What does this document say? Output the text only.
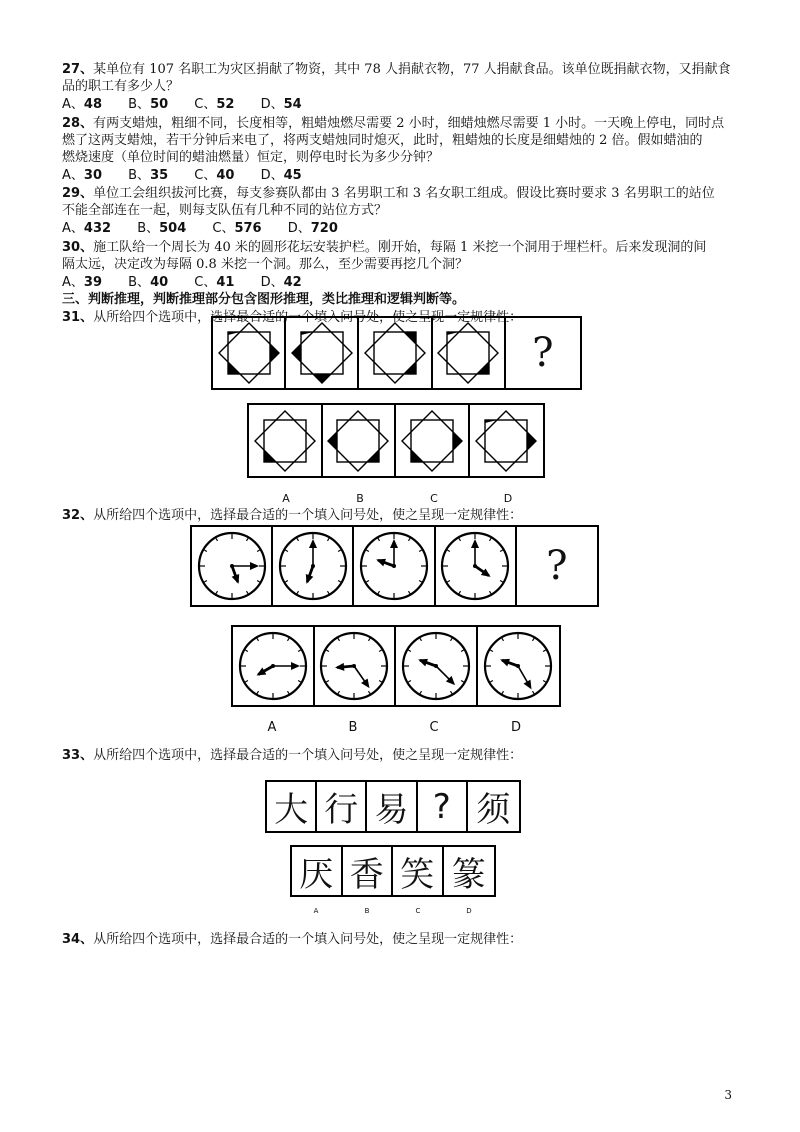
27、某单位有 107 名职工为灾区捐献了物资，其中 78 人捐献衣物，77 人捐献食品。该单位既捐献衣物，又捐献食
品的职工有多少人？
A、48 B、50 C、52 D、54
28、有两支蜡烛，粗细不同，长度相等，粗蜡烛燃尽需要 2 小时，细蜡烛燃尽需要 1 小时。一天晚上停电，同时点
燃了这两支蜡烛，若干分钟后来电了，将两支蜡烛同时熄灭，此时，粗蜡烛的长度是细蜡烛的 2 倍。假如蜡油的
燃烧速度（单位时间的蜡油燃量）恒定，则停电时长为多少分钟？
A、30 B、35 C、40 D、45
29、单位工会组织拔河比赛，每支参赛队都由 3 名男职工和 3 名女职工组成。假设比赛时要求 3 名男职工的站位
不能全部连在一起，则每支队伍有几种不同的站位方式？
A、432 B、504 C、576 D、720
30、施工队给一个周长为 40 米的圆形花坛安装护栏。刚开始，每隔 1 米挖一个洞用于埋栏杆。后来发现洞的间
隔太远，决定改为每隔 0.8 米挖一个洞。那么，至少需要再挖几个洞？
A、39 B、40 C、41 D、42
三、判断推理，判断推理部分包含图形推理，类比推理和逻辑判断等。
31、从所给四个选项中，选择最合适的一个填入问号处，使之呈现一定规律性：
?
A	B	C	D
32、从所给四个选项中，选择最合适的一个填入问号处，使之呈现一定规律性：
?
A	B	C	D
33、从所给四个选项中，选择最合适的一个填入问号处，使之呈现一定规律性：
大 行 易 ? 须
厌 香 笑 篆
A	B	C	D
34、从所给四个选项中，选择最合适的一个填入问号处，使之呈现一定规律性：
3
